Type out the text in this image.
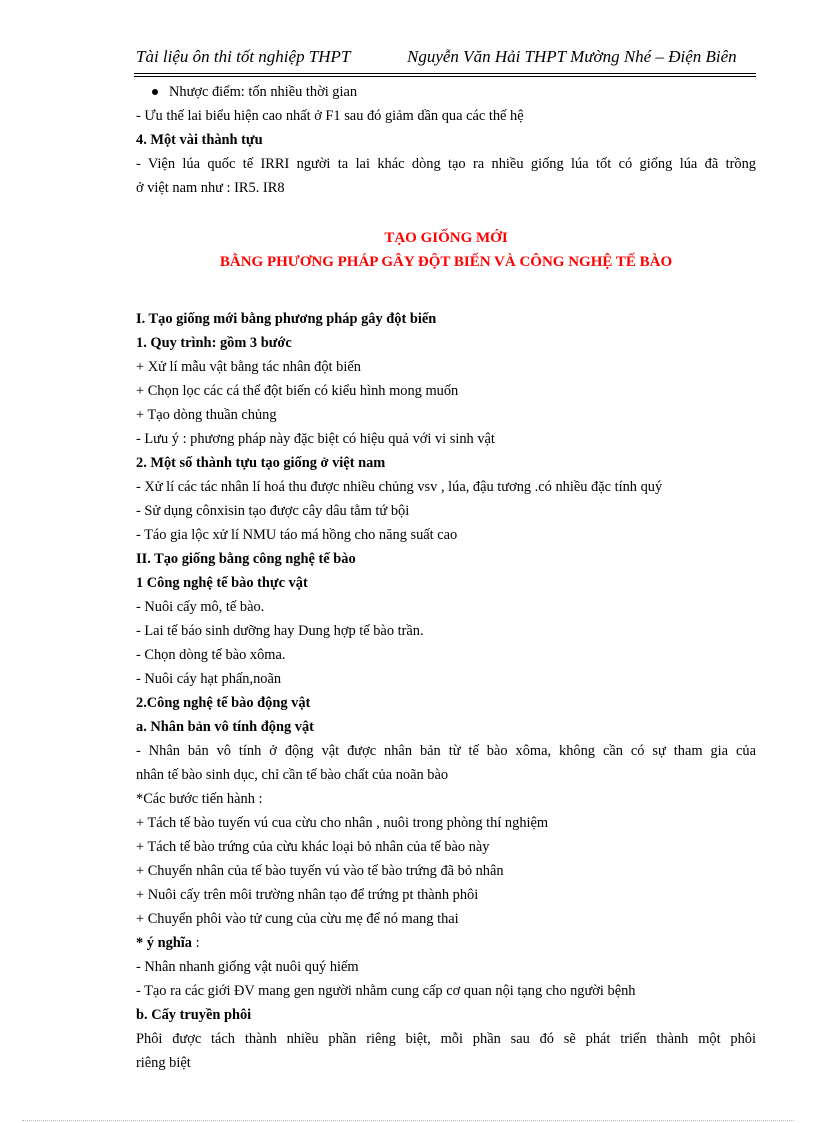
Tài liệu ôn thi tốt nghiệp THPT	Nguyễn Văn Hải THPT Mường Nhé – Điện Biên
Nhược điểm: tốn nhiều thời gian
- Ưu thế lai biểu hiện cao nhất ở F1 sau đó giảm dần qua các thế hệ
4. Một vài thành tựu
- Viện lúa quốc tế IRRI người ta lai khác dòng tạo ra nhiều giống lúa tốt có giống lúa đã trồng
ở việt nam như : IR5. IR8
TẠO GIỐNG MỚI
BẰNG PHƯƠNG PHÁP GÂY ĐỘT BIẾN VÀ CÔNG NGHỆ TẾ BÀO
I. Tạo giống mới bằng phương pháp gây đột biến
1. Quy trình: gồm 3 bước
+ Xử lí mẫu vật bằng tác nhân đột biến
+ Chọn lọc các cá thể đột biến có kiểu hình mong muốn
+ Tạo dòng thuần chủng
- Lưu ý : phương pháp này đặc biệt có hiệu quả với vi sinh vật
2. Một số thành tựu tạo giống ở việt nam
- Xử lí các tác nhân lí hoá thu được nhiều chủng vsv , lúa, đậu tương .có nhiều đặc tính quý
- Sử dụng cônxisin tạo được cây dâu tằm tứ bội
- Táo gia lộc xử lí NMU táo má hồng cho năng suất cao
II. Tạo giống bằng công nghệ tế bào
1 Công nghệ tế bào thực vật
- Nuôi cấy mô, tế bào.
- Lai tế báo sinh dưỡng hay Dung hợp tế bào trần.
- Chọn dòng tế bào xôma.
- Nuôi cáy hạt phấn,noãn
2.Công nghệ tế bào động vật
a. Nhân bản vô tính động vật
- Nhân bản vô tính ở động vật được nhân bản từ tế bào xôma, không cần có sự tham gia của
nhân tế bào sinh dục, chỉ cần tế bào chất của noãn bào
*Các bước tiến hành :
+ Tách tế bào tuyến vú cua cừu cho nhân , nuôi trong phòng thí nghiệm
+ Tách tế bào trứng của cừu khác loại bỏ nhân của tế bào này
+ Chuyển nhân của tế bào tuyến vú vào tế bào trứng đã bỏ nhân
+ Nuôi cấy trên môi trường nhân tạo để trứng pt thành phôi
+ Chuyển phôi vào tử cung của cừu mẹ để nó mang thai
* ý nghĩa :
- Nhân nhanh giống vật nuôi quý hiếm
- Tạo ra các giới ĐV mang gen người nhằm cung cấp cơ quan nội tạng cho người bệnh
b. Cấy truyền phôi
Phôi được tách thành nhiều phần riêng biệt, mỗi phần sau đó sẽ phát triển thành một phôi
riêng biệt
